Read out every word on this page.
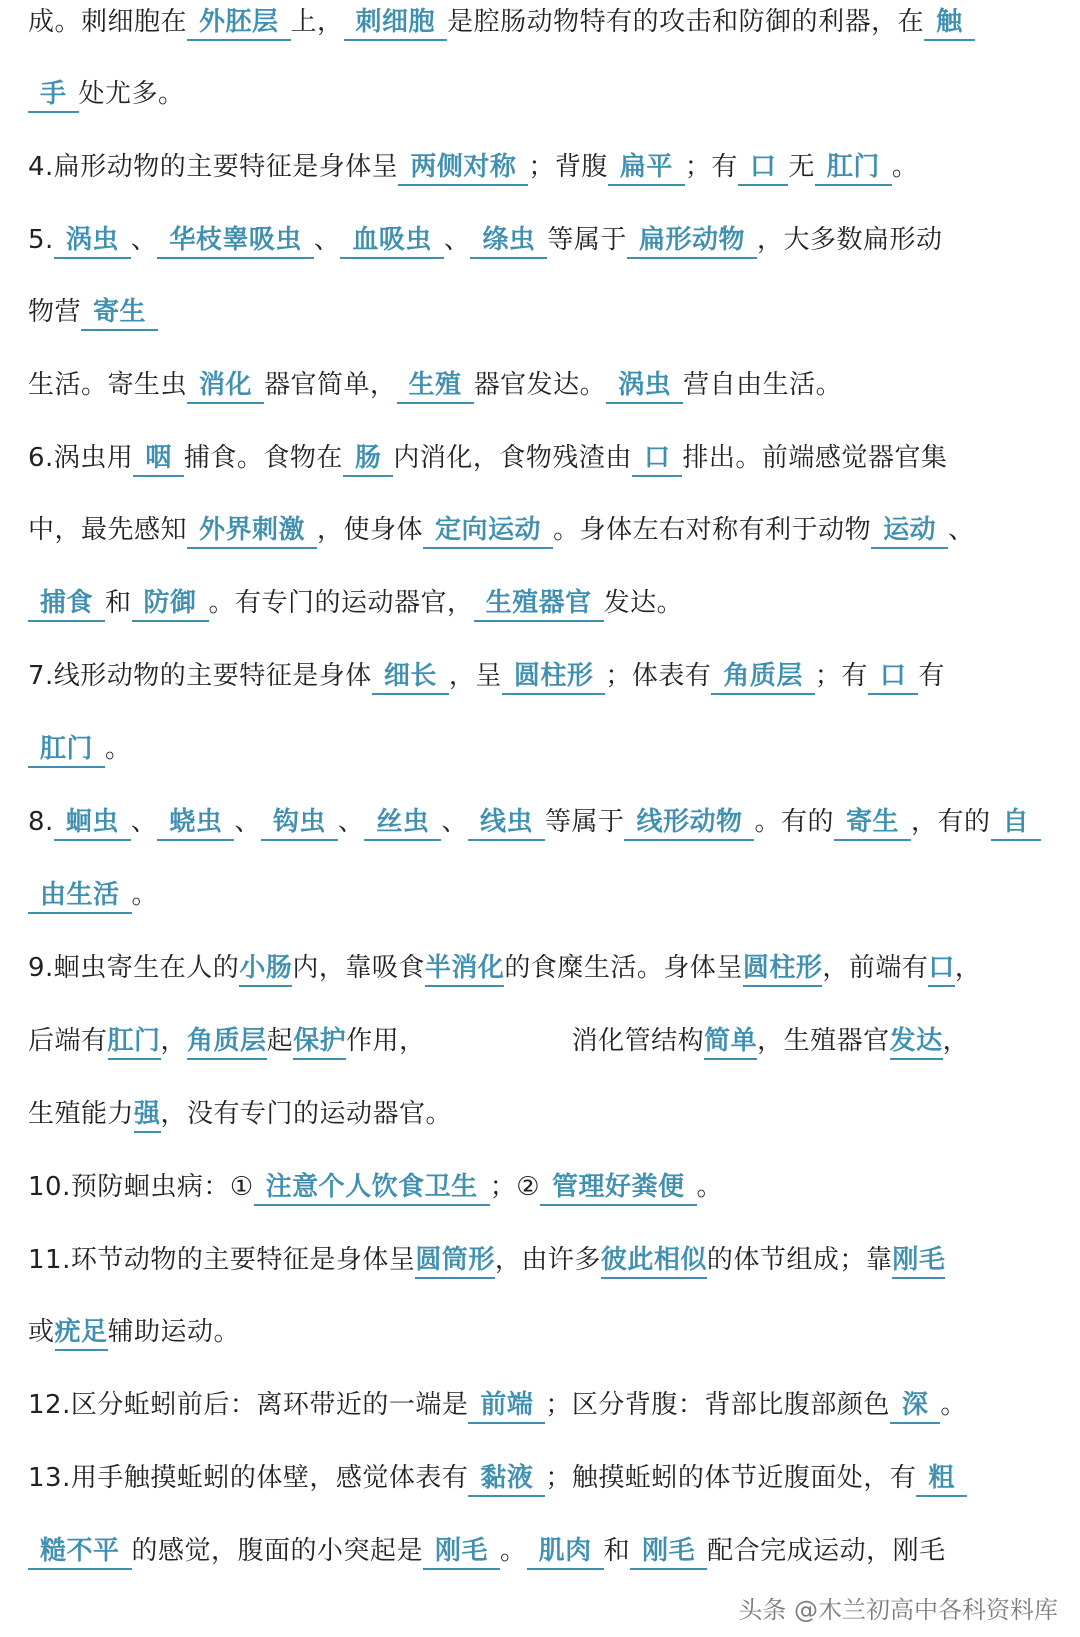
成。刺细胞在 外胚层 上， 刺细胞 是腔肠动物特有的攻击和防御的利器，在 触
手 处尤多。
4.扁形动物的主要特征是身体呈 两侧对称 ；背腹 扁平 ；有 口 无 肛门 。
5. 涡虫 、 华枝睾吸虫 、 血吸虫 、 绦虫 等属于 扁形动物 ，大多数扁形动
物营 寄生
生活。寄生虫 消化 器官简单， 生殖 器官发达。 涡虫 营自由生活。
6.涡虫用 咽 捕食。食物在 肠 内消化，食物残渣由 口 排出。前端感觉器官集
中，最先感知 外界刺激 ，使身体 定向运动 。身体左右对称有利于动物 运动 、
捕食 和 防御 。有专门的运动器官， 生殖器官 发达。
7.线形动物的主要特征是身体 细长 ，呈 圆柱形 ；体表有 角质层 ；有 口 有
肛门 。
8. 蛔虫 、 蛲虫 、 钩虫 、 丝虫 、 线虫 等属于 线形动物 。有的 寄生 ，有的 自
由生活 。
9.蛔虫寄生在人的小肠内，靠吸食半消化的食糜生活。身体呈圆柱形，前端有口，
后端有肛门，角质层起保护作用，　　　　　　消化管结构简单，生殖器官发达，
生殖能力强，没有专门的运动器官。
10.预防蛔虫病：① 注意个人饮食卫生 ；② 管理好粪便 。
11.环节动物的主要特征是身体呈圆筒形，由许多彼此相似的体节组成；靠刚毛
或疣足辅助运动。
12.区分蚯蚓前后：离环带近的一端是 前端 ；区分背腹：背部比腹部颜色 深 。
13.用手触摸蚯蚓的体壁，感觉体表有 黏液 ；触摸蚯蚓的体节近腹面处，有 粗
糙不平 的感觉，腹面的小突起是 刚毛 。 肌肉 和 刚毛 配合完成运动，刚毛
头条 @木兰初高中各科资料库
